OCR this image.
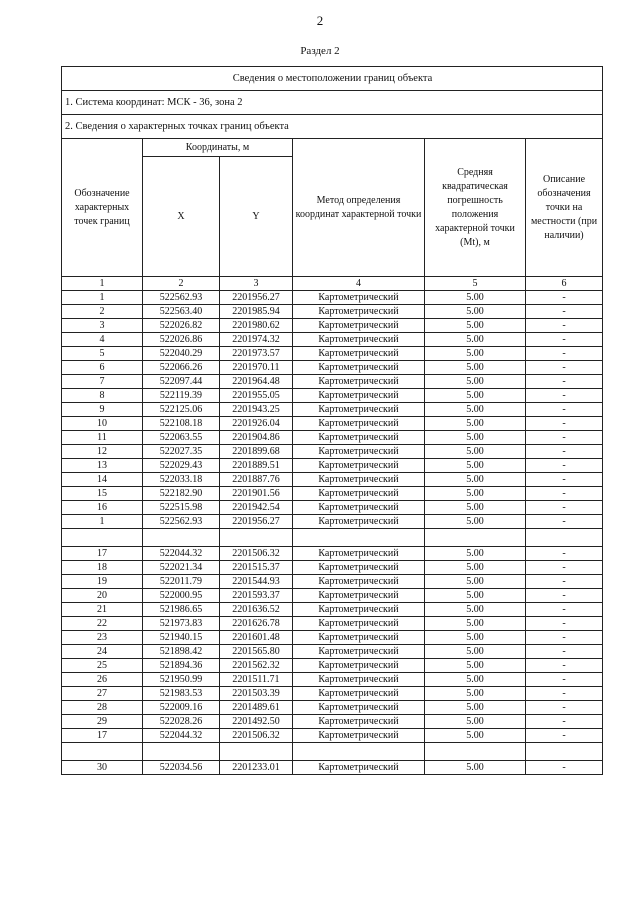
2
Раздел 2
Сведения о местоположении границ объекта					
1. Система координат: МСК - 36, зона 2					
2. Сведения о характерных точках границ объекта					
Обозначение характерных точек границ	Координаты, м		Метод определения координат характерной точки	Средняя квадратическая погрешность положения характерной точки (Mt), м	Описание обозначения точки на местности (при наличии)
	X	Y			
1	2	3	4	5	6
1	522562.93	2201956.27	Картометрический	5.00	-
2	522563.40	2201985.94	Картометрический	5.00	-
3	522026.82	2201980.62	Картометрический	5.00	-
4	522026.86	2201974.32	Картометрический	5.00	-
5	522040.29	2201973.57	Картометрический	5.00	-
6	522066.26	2201970.11	Картометрический	5.00	-
7	522097.44	2201964.48	Картометрический	5.00	-
8	522119.39	2201955.05	Картометрический	5.00	-
9	522125.06	2201943.25	Картометрический	5.00	-
10	522108.18	2201926.04	Картометрический	5.00	-
11	522063.55	2201904.86	Картометрический	5.00	-
12	522027.35	2201899.68	Картометрический	5.00	-
13	522029.43	2201889.51	Картометрический	5.00	-
14	522033.18	2201887.76	Картометрический	5.00	-
15	522182.90	2201901.56	Картометрический	5.00	-
16	522515.98	2201942.54	Картометрический	5.00	-
1	522562.93	2201956.27	Картометрический	5.00	-

17	522044.32	2201506.32	Картометрический	5.00	-
18	522021.34	2201515.37	Картометрический	5.00	-
19	522011.79	2201544.93	Картометрический	5.00	-
20	522000.95	2201593.37	Картометрический	5.00	-
21	521986.65	2201636.52	Картометрический	5.00	-
22	521973.83	2201626.78	Картометрический	5.00	-
23	521940.15	2201601.48	Картометрический	5.00	-
24	521898.42	2201565.80	Картометрический	5.00	-
25	521894.36	2201562.32	Картометрический	5.00	-
26	521950.99	2201511.71	Картометрический	5.00	-
27	521983.53	2201503.39	Картометрический	5.00	-
28	522009.16	2201489.61	Картометрический	5.00	-
29	522028.26	2201492.50	Картометрический	5.00	-
17	522044.32	2201506.32	Картометрический	5.00	-

30	522034.56	2201233.01	Картометрический	5.00	-
